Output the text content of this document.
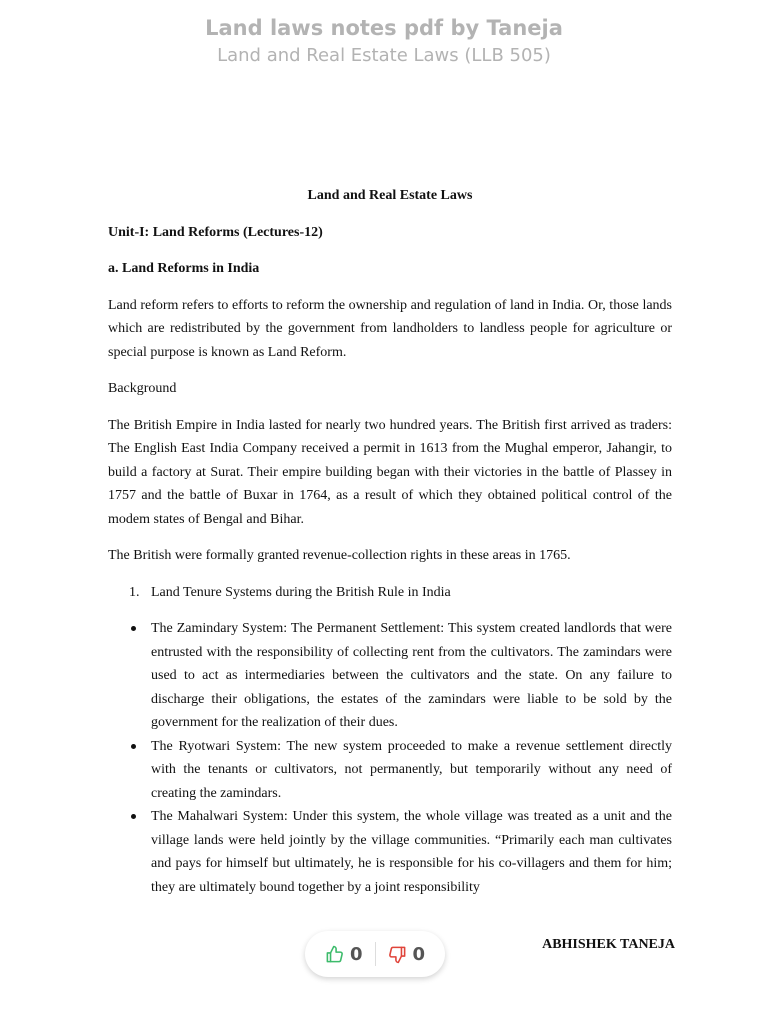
Land laws notes pdf by Taneja
Land and Real Estate Laws (LLB 505)
Land and Real Estate Laws
Unit-I: Land Reforms (Lectures-12)
a. Land Reforms in India

Land reform refers to efforts to reform the ownership and regulation of land in India. Or, those lands which are redistributed by the government from landholders to landless people for agriculture or special purpose is known as Land Reform.

Background

The British Empire in India lasted for nearly two hundred years. The British first arrived as traders: The English East India Company received a permit in 1613 from the Mughal emperor, Jahangir, to build a factory at Surat. Their empire building began with their victories in the battle of Plassey in 1757 and the battle of Buxar in 1764, as a result of which they obtained political control of the modem states of Bengal and Bihar.

The British were formally granted revenue-collection rights in these areas in 1765.

1. Land Tenure Systems during the British Rule in India
The Zamindary System: The Permanent Settlement: This system created landlords that were entrusted with the responsibility of collecting rent from the cultivators. The zamindars were used to act as intermediaries between the cultivators and the state. On any failure to discharge their obligations, the estates of the zamindars were liable to be sold by the government for the realization of their dues.
The Ryotwari System: The new system proceeded to make a revenue settlement directly with the tenants or cultivators, not permanently, but temporarily without any need of creating the zamindars.
The Mahalwari System: Under this system, the whole village was treated as a unit and the village lands were held jointly by the village communities. “Primarily each man cultivates and pays for himself but ultimately, he is responsible for his co-villagers and them for him; they are ultimately bound together by a joint responsibility
ABHISHEK TANEJA
0	0
